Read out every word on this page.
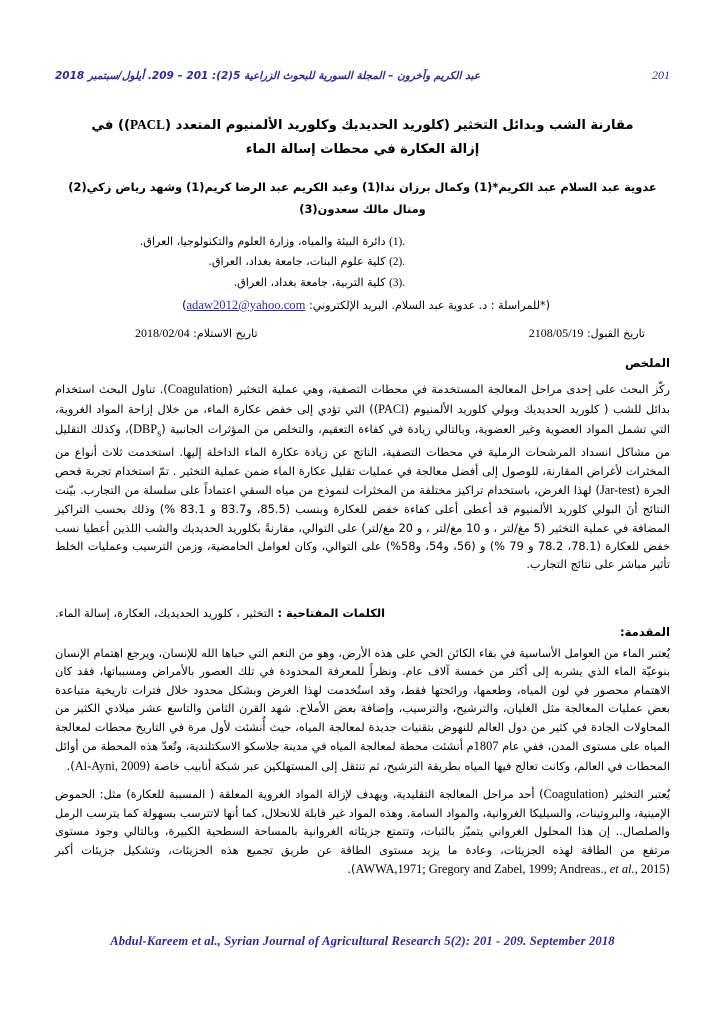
201
عبد الكريم وآخرون – المجلة السورية للبحوث الزراعية 5(2): 201 – 209. أيلول/سبتمبر 2018
مقارنة الشب وبدائل التخثير (كلوريد الحديديك وكلوريد الألمنيوم المتعدد (PACL)) في
إزالة العكارة في محطات إسالة الماء
عدوية عبد السلام عبد الكريم*(1) وكمال برزان ندا(1) وعبد الكريم عبد الرضا كريم(1) وشهد رياض زكي(2)
ومنال مالك سعدون(3)
(1). دائرة البيئة والمياه، وزارة العلوم والتكنولوجيا، العراق.
(2). كلية علوم البنات، جامعة بغداد، العراق.
(3). كلية التربية، جامعة بغداد، العراق.
(*للمراسلة : د. عدوية عبد السلام. البريد الإلكتروني: adaw2012@yahoo.com)
تاريخ القبول: 2108/05/19
تاريخ الاستلام: 2018/02/04
الملخص

ركّز البحث على إحدى مراحل المعالجة المستخدمة في محطات التصفية، وهي عملية التخثير (Coagulation). تناول البحث استخدام بدائل للشب ( كلوريد الحديديك وبولي كلوريد الألمنيوم (PACl)) التي تؤدي إلى خفض عكارة الماء، من خلال إزاحة المواد الغروية، التي تشمل المواد العضوية وغير العضوية، وبالتالي زيادة في كفاءة التعقيم، والتخلص من المؤثرات الجانبية $(DBP_s)،$ وكذلك التقليل من مشاكل انسداد المرشحات الرملية في محطات التصفية، الناتج عن زيادة عكارة الماء الداخلة إليها. استخدمت ثلاث أنواع من المخثرات لأغراض المقارنة، للوصول إلى أفضل معالجة في عمليات تقليل عكارة الماء ضمن عملية التخثير . تمّ استخدام تجربة فحص الجرة (Jar-test) لهذا الغرض، باستخدام تراكيز مختلفة من المخثرات لنموذج من مياه السقي اعتماداً على سلسلة من التجارب. بيّنت النتائج أنَ البولي كلوريد الألمنيوم قد أعطى أعلى كفاءة خفض للعكارة وبنسب (85.5، و83.7 و 83.1 %) وذلك بحسب التراكيز المضافة في عملية التخثير (5 مغ/لتر ، و 10 مغ/لتر ، و 20 مغ/لتر) على التوالي، مقارنةً بكلوريد الحديديك والشب اللذين أعطيا نسب خفض للعكارة (78.1، 78.2 و 79 %) و (56، و54، و58%) على التوالي، وكان لعوامل الحامضية، وزمن الترسيب وعمليات الخلط تأثير مباشر على نتائج التجارب.

الكلمات المفتاحية : التخثير ، كلوريد الحديديك، العكارة، إسالة الماء.
المقدمة:

يُعتبر الماء من العوامل الأساسية في بقاء الكائن الحي على هذه الأرض، وهو من النعم التي حباها الله للإنسان، ويرجع اهتمام الإنسان بنوعيّة الماء الذي يشربه إلى أكثر من خمسة آلاف عام. ونظراً للمعرفة المحدودة في تلك العصور بالأمراض ومسبباتها، فقد كان الاهتمام محصور في لون المياه، وطعمها، ورائحتها فقط، وقد استُخدمت لهذا الغرض وبشكل محدود خلال فترات تاريخية متباعدة بعض عمليات المعالجة مثل الغليان، والترشيح، والترسيب، وإضافة بعض الأملاح. شهد القرن الثامن والتاسع عشر ميلادي الكثير من المحاولات الجادة في كثير من دول العالم للنهوض بتقنيات جديدة لمعالجة المياه، حيث أُنشئت لأول مرة في التاريخ محطات لمعالجة المياه على مستوى المدن، ففي عام 1807م أنشئت محطة لمعالجة المياه في مدينة جلاسكو الاسكتلندية، وتُعدّ هذه المحطة من أوائل المحطات في العالم، وكانت تعالج فيها المياه بطريقة الترشيح، ثم تنتقل إلى المستهلكين عبر شبكة أنابيب خاصة (Al-Ayni, 2009).

يُعتبر التخثير (Coagulation) أحد مراحل المعالجة التقليدية، ويهدف لإزالة المواد الغروية المعلقة ( المسببة للعكارة) مثل: الحموض الإمينية، والبروتينات، والسيليكا الغروانية، والمواد السامة. وهذه المواد غير قابلة للانحلال، كما أنها لاتترسب بسهولة كما يترسب الرمل والصلصال.. إن هذا المحلول الغرواني يتميّز بالثبات، وتتمتع جزيئاته الغروانية بالمساحة السطحية الكبيرة، وبالتالي وجود مستوى مرتفع من الطاقة لهذه الجزيئات، وعادة ما يزيد مستوى الطاقة عن طريق تجميع هذه الجزيئات، وتشكيل جزيئات أكبر (AWWA,1971; Gregory and Zabel, 1999; Andreas., et al., 2015).

Abdul-Kareem et al., Syrian Journal of Agricultural Research 5(2): 201 - 209. September 2018
